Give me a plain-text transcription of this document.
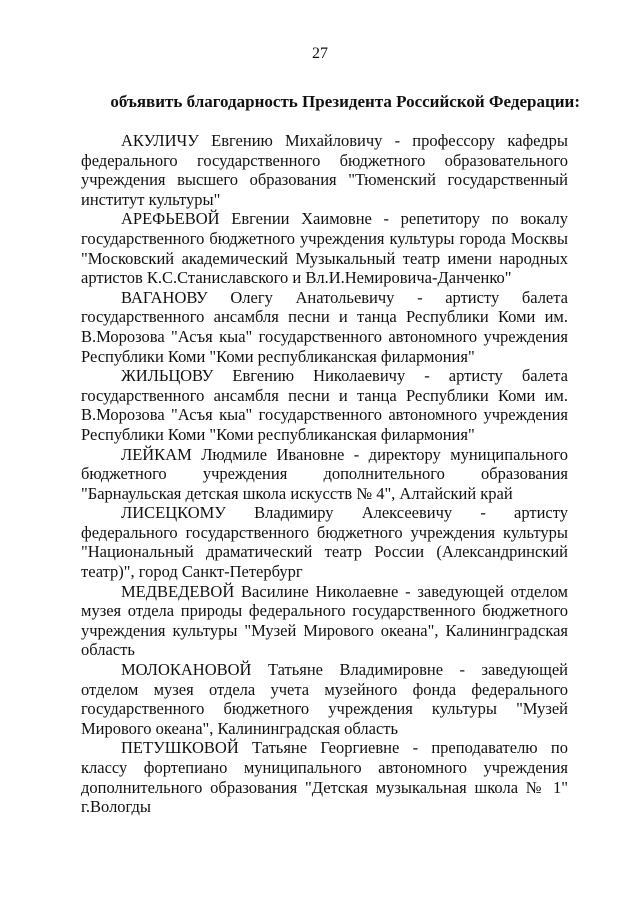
27
объявить благодарность Президента Российской Федерации:

АКУЛИЧУ Евгению Михайловичу - профессору кафедры федерального государственного бюджетного образовательного учреждения высшего образования "Тюменский государственный институт культуры"

АРЕФЬЕВОЙ Евгении Хаимовне - репетитору по вокалу государственного бюджетного учреждения культуры города Москвы "Московский академический Музыкальный театр имени народных артистов К.С.Станиславского и Вл.И.Немировича-Данченко"

ВАГАНОВУ Олегу Анатольевичу - артисту балета государственного ансамбля песни и танца Республики Коми им. В.Морозова "Асъя кыа" государственного автономного учреждения Республики Коми "Коми республиканская филармония"

ЖИЛЬЦОВУ Евгению Николаевичу - артисту балета государственного ансамбля песни и танца Республики Коми им. В.Морозова "Асъя кыа" государственного автономного учреждения Республики Коми "Коми республиканская филармония"

ЛЕЙКАМ Людмиле Ивановне - директору муниципального бюджетного учреждения дополнительного образования "Барнаульская детская школа искусств № 4", Алтайский край

ЛИСЕЦКОМУ Владимиру Алексеевичу - артисту федерального государственного бюджетного учреждения культуры "Национальный драматический театр России (Александринский театр)", город Санкт-Петербург

МЕДВЕДЕВОЙ Василине Николаевне - заведующей отделом музея отдела природы федерального государственного бюджетного учреждения культуры "Музей Мирового океана", Калининградская область

МОЛОКАНОВОЙ Татьяне Владимировне - заведующей отделом музея отдела учета музейного фонда федерального государственного бюджетного учреждения культуры "Музей Мирового океана", Калининградская область

ПЕТУШКОВОЙ Татьяне Георгиевне - преподавателю по классу фортепиано муниципального автономного учреждения дополнительного образования "Детская музыкальная школа № 1" г.Вологды
